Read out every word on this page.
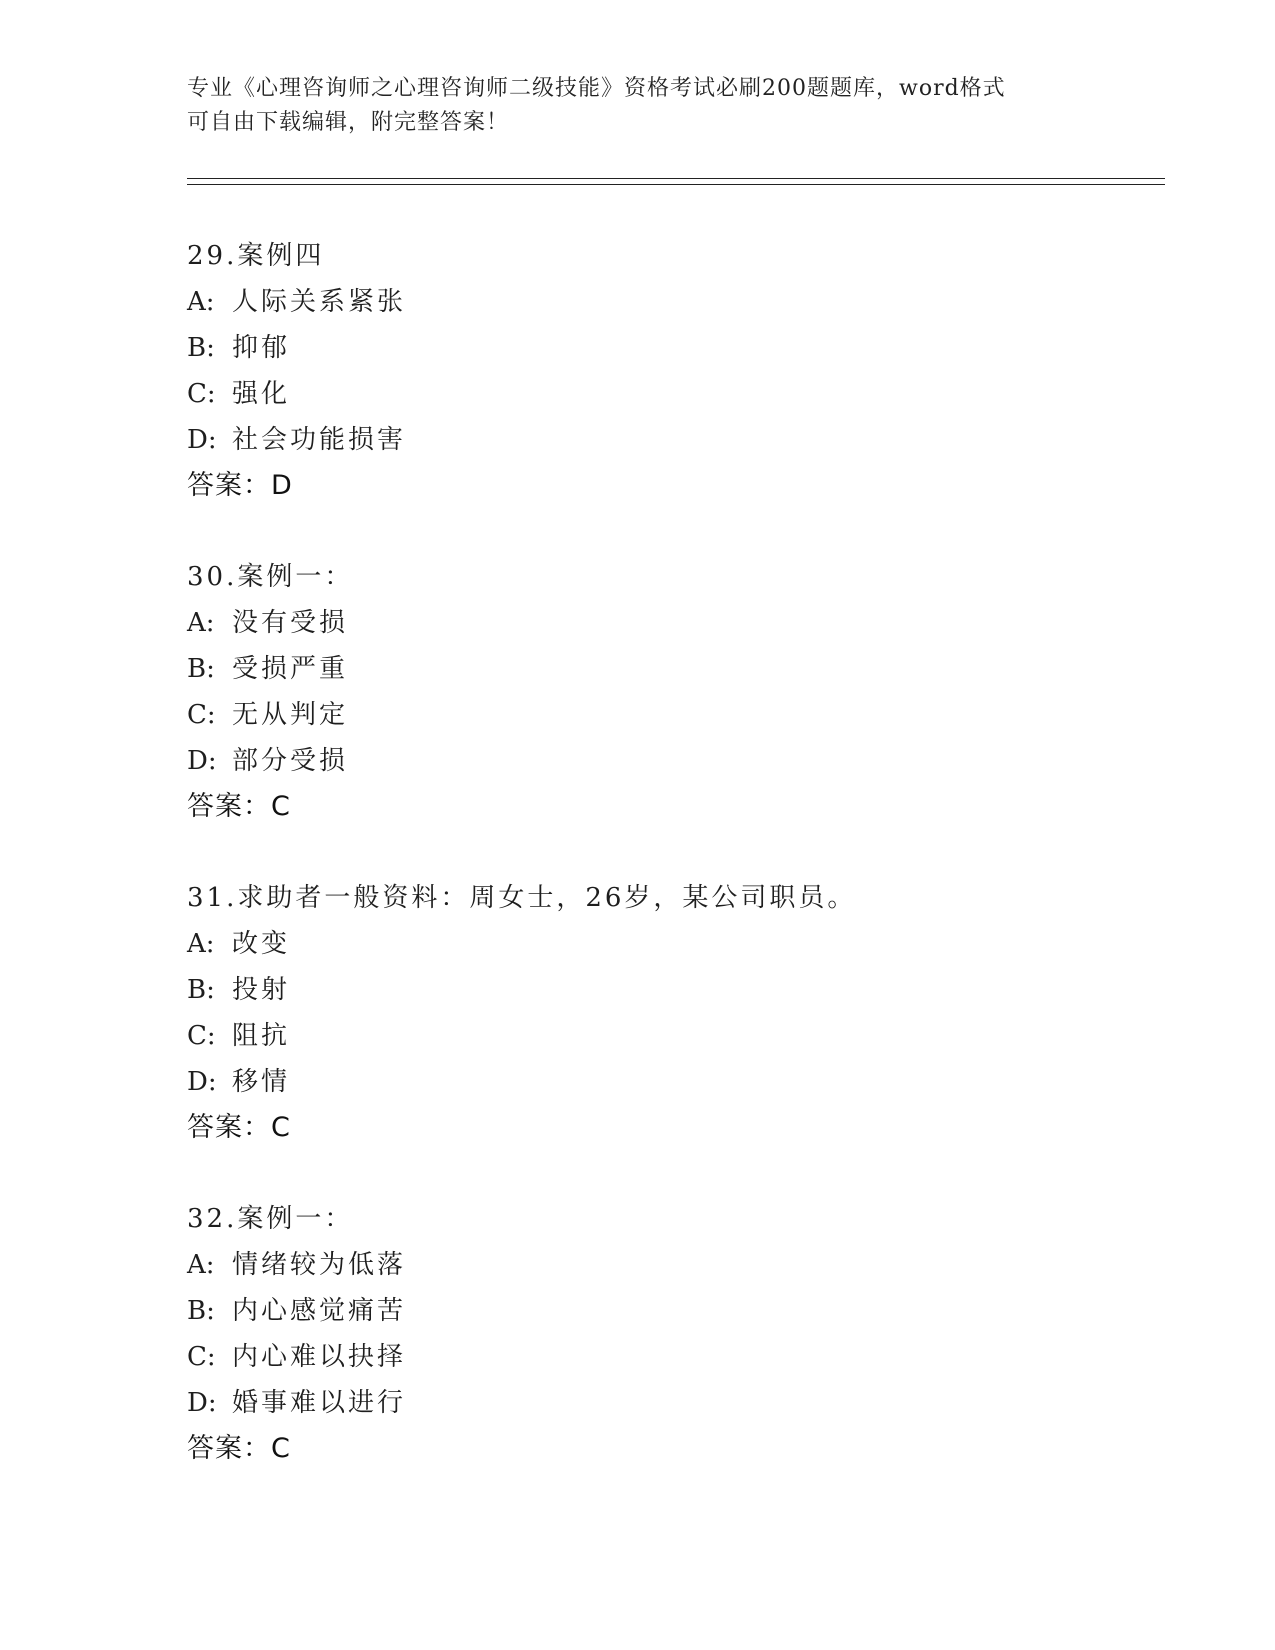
专业《心理咨询师之心理咨询师二级技能》资格考试必刷200题题库，word格式
可自由下载编辑，附完整答案！
29.案例四
A: 人际关系紧张
B: 抑郁
C: 强化
D: 社会功能损害
答案：D
30.案例一：
A: 没有受损
B: 受损严重
C: 无从判定
D: 部分受损
答案：C
31.求助者一般资料：周女士，26岁，某公司职员。
A: 改变
B: 投射
C: 阻抗
D: 移情
答案：C
32.案例一：
A: 情绪较为低落
B: 内心感觉痛苦
C: 内心难以抉择
D: 婚事难以进行
答案：C
